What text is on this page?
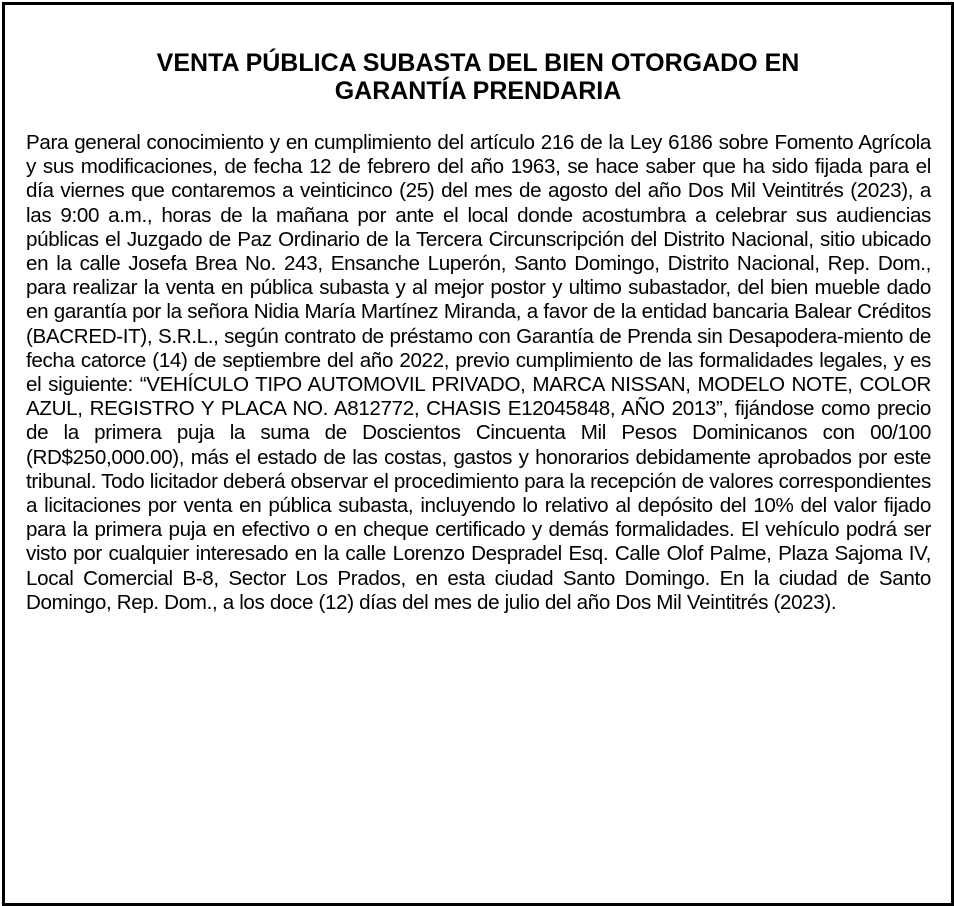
VENTA PÚBLICA SUBASTA DEL BIEN OTORGADO EN
GARANTÍA PRENDARIA

Para general conocimiento y en cumplimiento del artículo 216 de la Ley 6186 sobre Fomento Agrícola y sus modificaciones, de fecha 12 de febrero del año 1963, se hace saber que ha sido fijada para el día viernes que contaremos a veinticinco (25) del mes de agosto del año Dos Mil Veintitrés (2023), a las 9:00 a.m., horas de la mañana por ante el local donde acostumbra a celebrar sus audiencias públicas el Juzgado de Paz Ordinario de la Tercera Circunscripción del Distrito Nacional, sitio ubicado en la calle Josefa Brea No. 243, Ensanche Luperón, Santo Domingo, Distrito Nacional, Rep. Dom., para realizar la venta en pública subasta y al mejor postor y ultimo subastador, del bien mueble dado en garantía por la señora Nidia María Martínez Miranda, a favor de la entidad bancaria Balear Créditos (BACRED-IT), S.R.L., según contrato de préstamo con Garantía de Prenda sin Desapodera-miento de fecha catorce (14) de septiembre del año 2022, previo cumplimiento de las formalidades legales, y es el siguiente: “VEHÍCULO TIPO AUTOMOVIL PRIVADO, MARCA NISSAN, MODELO NOTE, COLOR AZUL, REGISTRO Y PLACA NO. A812772, CHASIS E12045848, AÑO 2013”, fijándose como precio de la primera puja la suma de Doscientos Cincuenta Mil Pesos Dominicanos con 00/100 (RD$250,000.00), más el estado de las costas, gastos y honorarios debidamente aprobados por este tribunal. Todo licitador deberá observar el procedimiento para la recepción de valores correspondientes a licitaciones por venta en pública subasta, incluyendo lo relativo al depósito del 10% del valor fijado para la primera puja en efectivo o en cheque certificado y demás formalidades. El vehículo podrá ser visto por cualquier interesado en la calle Lorenzo Despradel Esq. Calle Olof Palme, Plaza Sajoma IV, Local Comercial B-8, Sector Los Prados, en esta ciudad Santo Domingo. En la ciudad de Santo Domingo, Rep. Dom., a los doce (12) días del mes de julio del año Dos Mil Veintitrés (2023).
